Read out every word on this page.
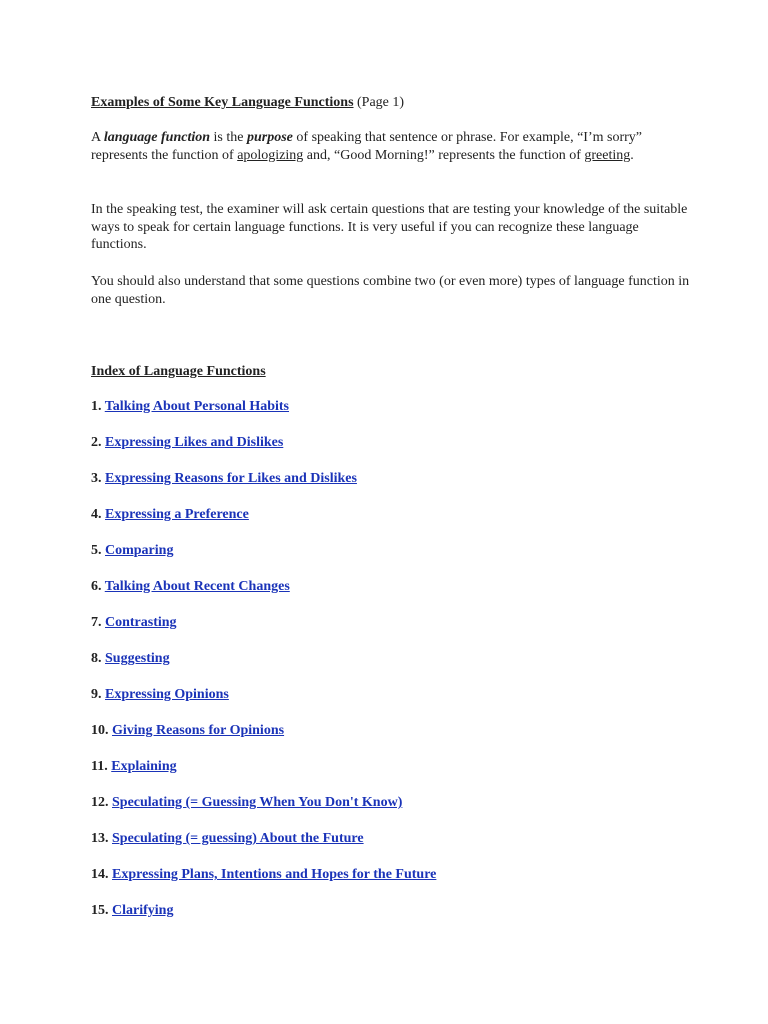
Examples of Some Key Language Functions (Page 1)
A language function is the purpose of speaking that sentence or phrase. For example, “I’m sorry” represents the function of apologizing and, “Good Morning!” represents the function of greeting.
In the speaking test, the examiner will ask certain questions that are testing your knowledge of the suitable ways to speak for certain language functions. It is very useful if you can recognize these language functions.
You should also understand that some questions combine two (or even more) types of language function in one question.
Index of Language Functions
1. Talking About Personal Habits
2. Expressing Likes and Dislikes
3. Expressing Reasons for Likes and Dislikes
4. Expressing a Preference
5. Comparing
6. Talking About Recent Changes
7. Contrasting
8. Suggesting
9. Expressing Opinions
10. Giving Reasons for Opinions
11. Explaining
12. Speculating (= Guessing When You Don't Know)
13. Speculating (= guessing) About the Future
14. Expressing Plans, Intentions and Hopes for the Future
15. Clarifying
